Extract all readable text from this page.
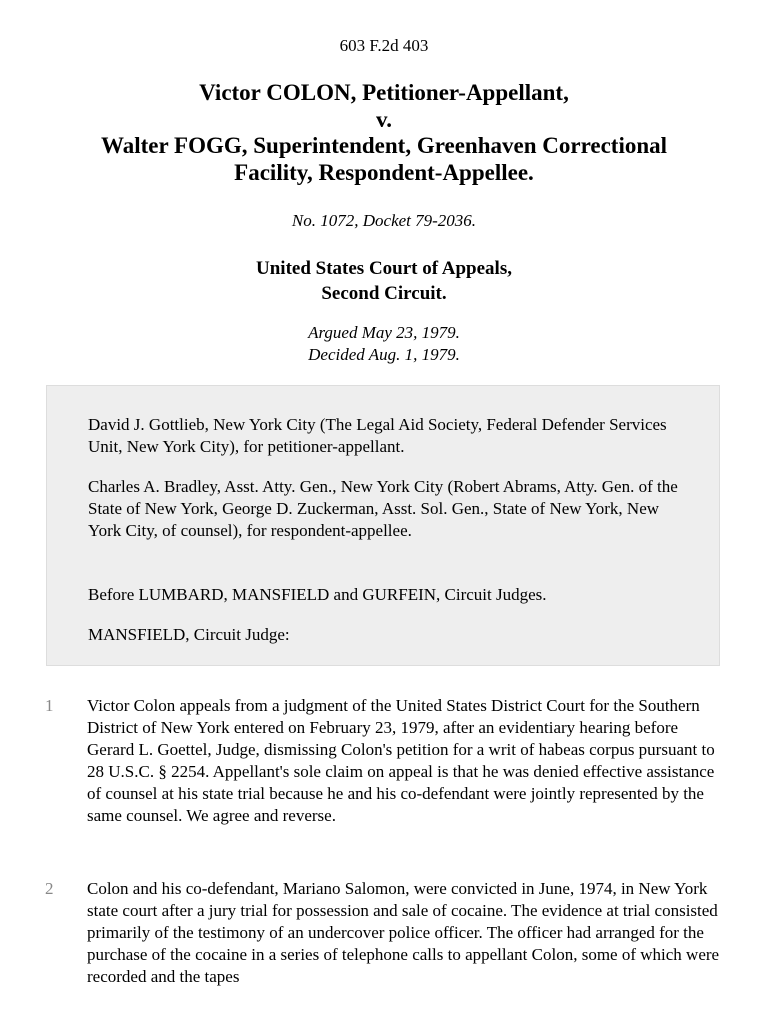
603 F.2d 403
Victor COLON, Petitioner-Appellant,
v.
Walter FOGG, Superintendent, Greenhaven Correctional
Facility, Respondent-Appellee.
No. 1072, Docket 79-2036.
United States Court of Appeals,
Second Circuit.
Argued May 23, 1979.
Decided Aug. 1, 1979.

David J. Gottlieb, New York City (The Legal Aid Society, Federal Defender Services Unit, New York City), for petitioner-appellant.

Charles A. Bradley, Asst. Atty. Gen., New York City (Robert Abrams, Atty. Gen. of the State of New York, George D. Zuckerman, Asst. Sol. Gen., State of New York, New York City, of counsel), for respondent-appellee.

Before LUMBARD, MANSFIELD and GURFEIN, Circuit Judges.

MANSFIELD, Circuit Judge:

1 Victor Colon appeals from a judgment of the United States District Court for the Southern District of New York entered on February 23, 1979, after an evidentiary hearing before Gerard L. Goettel, Judge, dismissing Colon's petition for a writ of habeas corpus pursuant to 28 U.S.C. § 2254. Appellant's sole claim on appeal is that he was denied effective assistance of counsel at his state trial because he and his co-defendant were jointly represented by the same counsel. We agree and reverse.

2 Colon and his co-defendant, Mariano Salomon, were convicted in June, 1974, in New York state court after a jury trial for possession and sale of cocaine. The evidence at trial consisted primarily of the testimony of an undercover police officer. The officer had arranged for the purchase of the cocaine in a series of telephone calls to appellant Colon, some of which were recorded and the tapes
